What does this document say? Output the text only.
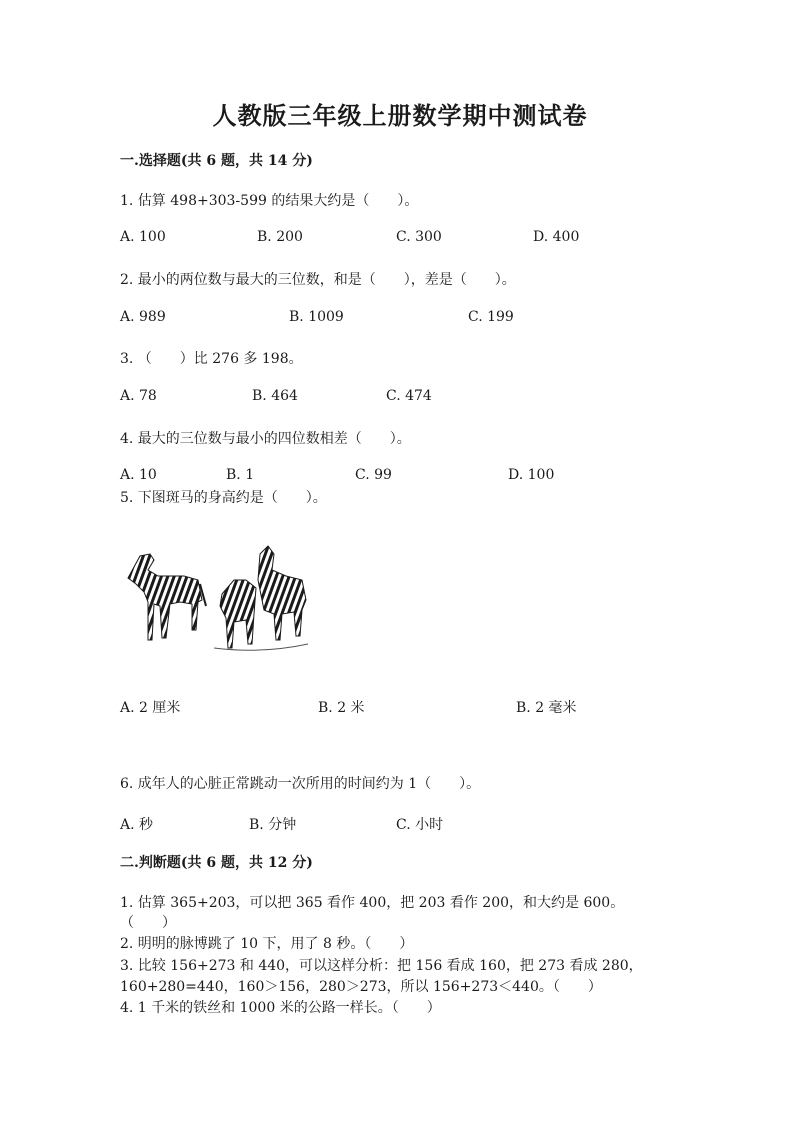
人教版三年级上册数学期中测试卷
一.选择题(共 6 题，共 14 分)
1. 估算 498+303-599 的结果大约是（　　）。
A. 100	B. 200	C. 300	D. 400
2. 最小的两位数与最大的三位数，和是（　　），差是（　　）。
A. 989	B. 1009	C. 199
3. （　　）比 276 多 198。
A. 78	B. 464	C. 474
4. 最大的三位数与最小的四位数相差（　　）。
A. 10	B. 1	C. 99	D. 100
5. 下图斑马的身高约是（　　）。
A. 2 厘米	B. 2 米	B. 2 毫米
6. 成年人的心脏正常跳动一次所用的时间约为 1（　　）。
A. 秒	B. 分钟	C. 小时
二.判断题(共 6 题，共 12 分)
1. 估算 365+203，可以把 365 看作 400，把 203 看作 200，和大约是 600。
（　　）
2. 明明的脉博跳了 10 下，用了 8 秒。（　　）
3. 比较 156+273 和 440，可以这样分析：把 156 看成 160，把 273 看成 280，
160+280=440，160＞156，280＞273，所以 156+273＜440。（　　）
4. 1 千米的铁丝和 1000 米的公路一样长。（　　）
